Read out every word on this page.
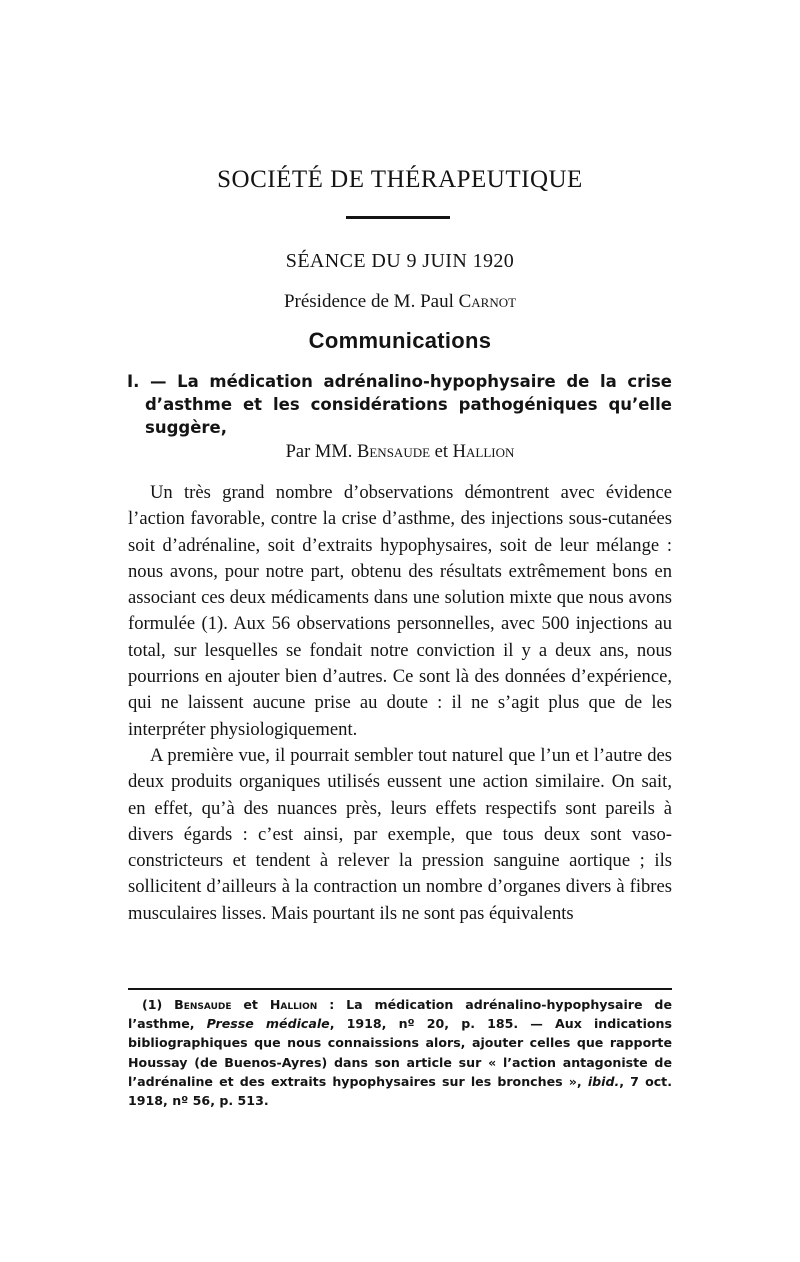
SOCIÉTÉ DE THÉRAPEUTIQUE
SÉANCE DU 9 JUIN 1920
Présidence de M. Paul Carnot
Communications
I. — La médication adrénalino-hypophysaire de la crise d’asthme et les considérations pathogéniques qu’elle suggère,
Par MM. Bensaude et Hallion

Un très grand nombre d’observations démontrent avec évidence l’action favorable, contre la crise d’asthme, des injections sous-cutanées soit d’adrénaline, soit d’extraits hypophysaires, soit de leur mélange : nous avons, pour notre part, obtenu des résultats extrêmement bons en associant ces deux médicaments dans une solution mixte que nous avons formulée (1). Aux 56 observations personnelles, avec 500 injections au total, sur lesquelles se fondait notre conviction il y a deux ans, nous pourrions en ajouter bien d’autres. Ce sont là des données d’expérience, qui ne laissent aucune prise au doute : il ne s’agit plus que de les interpréter physiologiquement.

A première vue, il pourrait sembler tout naturel que l’un et l’autre des deux produits organiques utilisés eussent une action similaire. On sait, en effet, qu’à des nuances près, leurs effets respectifs sont pareils à divers égards : c’est ainsi, par exemple, que tous deux sont vaso-constricteurs et tendent à relever la pression sanguine aortique ; ils sollicitent d’ailleurs à la contraction un nombre d’organes divers à fibres musculaires lisses. Mais pourtant ils ne sont pas équivalents

(1) Bensaude et Hallion : La médication adrénalino-hypophysaire de l’asthme, Presse médicale, 1918, nº 20, p. 185. — Aux indications bibliographiques que nous connaissions alors, ajouter celles que rapporte Houssay (de Buenos-Ayres) dans son article sur « l’action antagoniste de l’adrénaline et des extraits hypophysaires sur les bronches », ibid., 7 oct. 1918, nº 56, p. 513.
